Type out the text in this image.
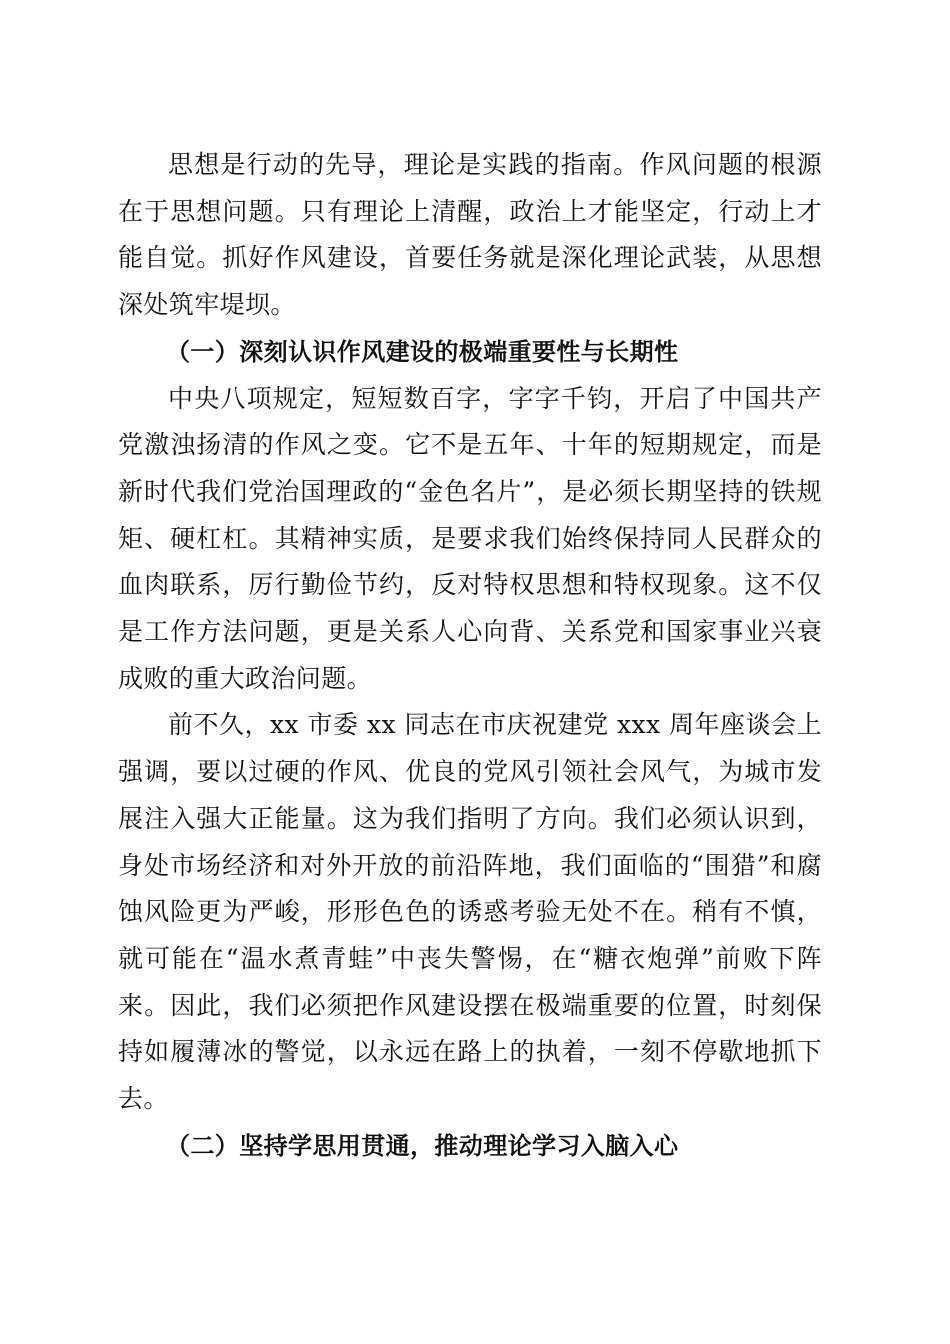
思想是行动的先导，理论是实践的指南。作风问题的根源在于思想问题。只有理论上清醒，政治上才能坚定，行动上才能自觉。抓好作风建设，首要任务就是深化理论武装，从思想深处筑牢堤坝。

（一）深刻认识作风建设的极端重要性与长期性

中央八项规定，短短数百字，字字千钧，开启了中国共产党激浊扬清的作风之变。它不是五年、十年的短期规定，而是新时代我们党治国理政的“金色名片”，是必须长期坚持的铁规矩、硬杠杠。其精神实质，是要求我们始终保持同人民群众的血肉联系，厉行勤俭节约，反对特权思想和特权现象。这不仅是工作方法问题，更是关系人心向背、关系党和国家事业兴衰成败的重大政治问题。

前不久，xx 市委 xx 同志在市庆祝建党 xxx 周年座谈会上强调，要以过硬的作风、优良的党风引领社会风气，为城市发展注入强大正能量。这为我们指明了方向。我们必须认识到，身处市场经济和对外开放的前沿阵地，我们面临的“围猎”和腐蚀风险更为严峻，形形色色的诱惑考验无处不在。稍有不慎，就可能在“温水煮青蛙”中丧失警惕，在“糖衣炮弹”前败下阵来。因此，我们必须把作风建设摆在极端重要的位置，时刻保持如履薄冰的警觉，以永远在路上的执着，一刻不停歇地抓下去。

（二）坚持学思用贯通，推动理论学习入脑入心
